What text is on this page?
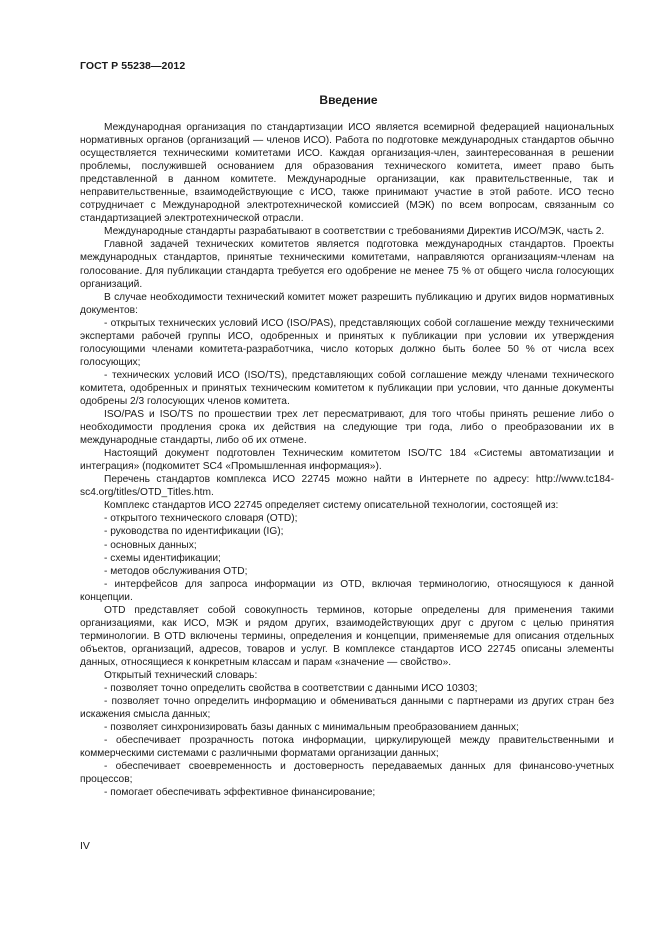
ГОСТ Р 55238—2012
Введение

Международная организация по стандартизации ИСО является всемирной федерацией национальных нормативных органов (организаций — членов ИСО). Работа по подготовке международных стандартов обычно осуществляется техническими комитетами ИСО. Каждая организация-член, заинтересованная в решении проблемы, послужившей основанием для образования технического комитета, имеет право быть представленной в данном комитете. Международные организации, как правительственные, так и неправительственные, взаимодействующие с ИСО, также принимают участие в этой работе. ИСО тесно сотрудничает с Международной электротехнической комиссией (МЭК) по всем вопросам, связанным со стандартизацией электротехнической отрасли.

Международные стандарты разрабатывают в соответствии с требованиями Директив ИСО/МЭК, часть 2.

Главной задачей технических комитетов является подготовка международных стандартов. Проекты международных стандартов, принятые техническими комитетами, направляются организациям-членам на голосование. Для публикации стандарта требуется его одобрение не менее 75 % от общего числа голосующих организаций.

В случае необходимости технический комитет может разрешить публикацию и других видов нормативных документов:

- открытых технических условий ИСО (ISO/PAS), представляющих собой соглашение между техническими экспертами рабочей группы ИСО, одобренных и принятых к публикации при условии их утверждения голосующими членами комитета-разработчика, число которых должно быть более 50 % от числа всех голосующих;

- технических условий ИСО (ISO/TS), представляющих собой соглашение между членами технического комитета, одобренных и принятых техническим комитетом к публикации при условии, что данные документы одобрены 2/3 голосующих членов комитета.

ISO/PAS и ISO/TS по прошествии трех лет пересматривают, для того чтобы принять решение либо о необходимости продления срока их действия на следующие три года, либо о преобразовании их в международные стандарты, либо об их отмене.

Настоящий документ подготовлен Техническим комитетом ISO/TC 184 «Системы автоматизации и интеграция» (подкомитет SC4 «Промышленная информация»).

Перечень стандартов комплекса ИСО 22745 можно найти в Интернете по адресу: http://www.tc184-sc4.org/titles/OTD_Titles.htm.

Комплекс стандартов ИСО 22745 определяет систему описательной технологии, состоящей из:

- открытого технического словаря (OTD);

- руководства по идентификации (IG);

- основных данных;

- схемы идентификации;

- методов обслуживания OTD;

- интерфейсов для запроса информации из OTD, включая терминологию, относящуюся к данной концепции.

OTD представляет собой совокупность терминов, которые определены для применения такими организациями, как ИСО, МЭК и рядом других, взаимодействующих друг с другом с целью принятия терминологии. В OTD включены термины, определения и концепции, применяемые для описания отдельных объектов, организаций, адресов, товаров и услуг. В комплексе стандартов ИСО 22745 описаны элементы данных, относящиеся к конкретным классам и парам «значение — свойство».

Открытый технический словарь:

- позволяет точно определить свойства в соответствии с данными ИСО 10303;

- позволяет точно определить информацию и обмениваться данными с партнерами из других стран без искажения смысла данных;

- позволяет синхронизировать базы данных с минимальным преобразованием данных;

- обеспечивает прозрачность потока информации, циркулирующей между правительственными и коммерческими системами с различными форматами организации данных;

- обеспечивает своевременность и достоверность передаваемых данных для финансово-учетных процессов;

- помогает обеспечивать эффективное финансирование;

IV
